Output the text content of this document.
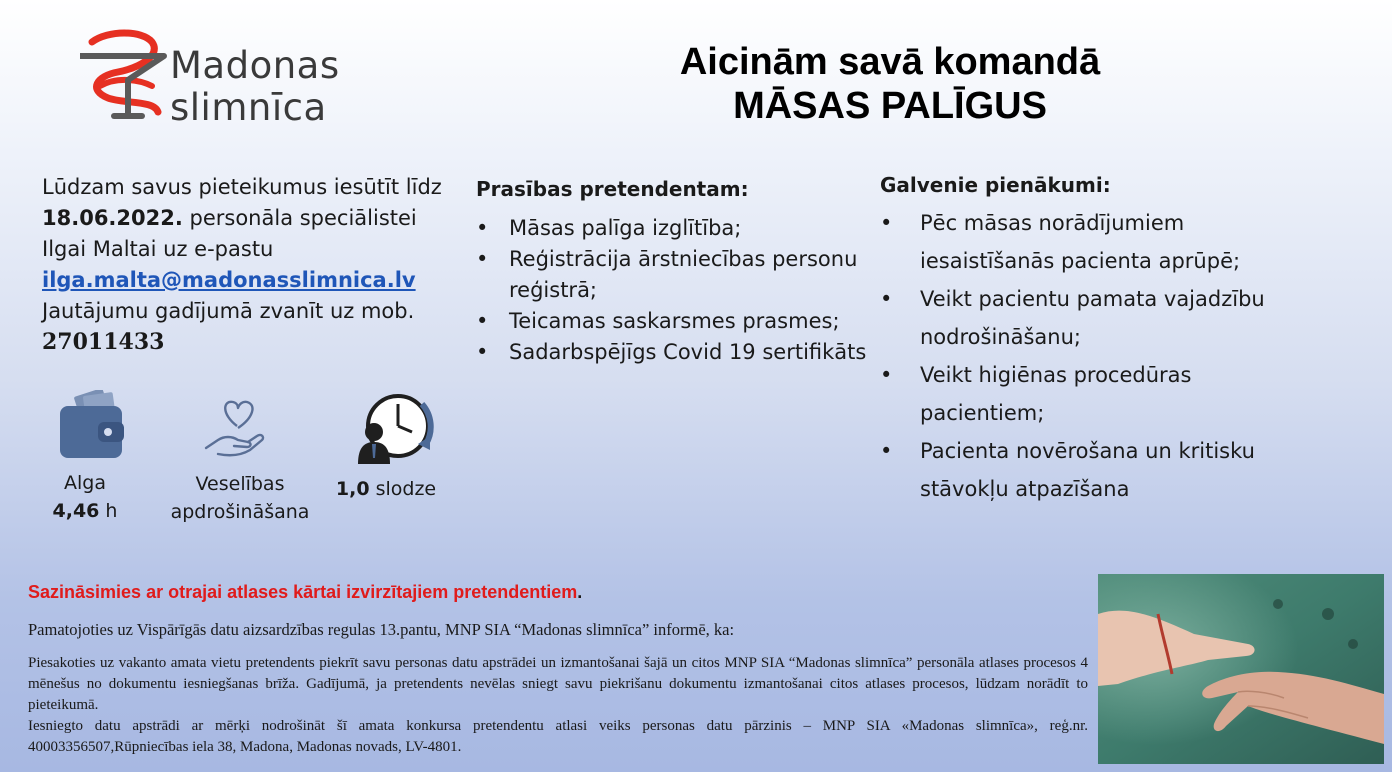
Madonas
slimnīca
Aicinām savā komandā
MĀSAS PALĪGUS
Lūdzam savus pieteikumus iesūtīt līdz
18.06.2022. personāla speciālistei
Ilgai Maltai uz e-pastu
ilga.malta@madonasslimnica.lv
Jautājumu gadījumā zvanīt uz mob.
27011433
Prasības pretendentam:
• Māsas palīga izglītība;
• Reģistrācija ārstniecības personu reģistrā;
• Teicamas saskarsmes prasmes;
• Sadarbspējīgs Covid 19 sertifikāts
Galvenie pienākumi:
• Pēc māsas norādījumiem iesaistīšanās pacienta aprūpē;
• Veikt pacientu pamata vajadzību nodrošināšanu;
• Veikt higiēnas procedūras pacientiem;
• Pacienta novērošana un kritisku stāvokļu atpazīšana
Alga
4,46 h
Veselības
apdrošināšana
1,0 slodze
Sazināsimies ar otrajai atlases kārtai izvirzītajiem pretendentiem.
Pamatojoties uz Vispārīgās datu aizsardzības regulas 13.pantu, MNP SIA “Madonas slimnīca” informē, ka:

Piesakoties uz vakanto amata vietu pretendents piekrīt savu personas datu apstrādei un izmantošanai šajā un citos MNP SIA “Madonas slimnīca” personāla atlases procesos 4 mēnešus no dokumentu iesniegšanas brīža. Gadījumā, ja pretendents nevēlas sniegt savu piekrišanu dokumentu izmantošanai citos atlases procesos, lūdzam norādīt to pieteikumā.

Iesniegto datu apstrādi ar mērķi nodrošināt šī amata konkursa pretendentu atlasi veiks personas datu pārzinis – MNP SIA «Madonas slimnīca», reģ.nr. 40003356507,Rūpniecības iela 38, Madona, Madonas novads, LV-4801.
